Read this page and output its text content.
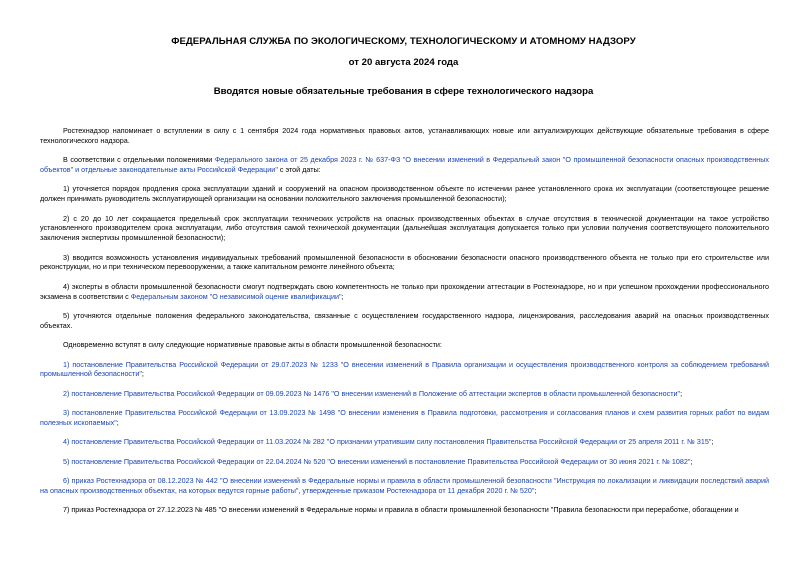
ФЕДЕРАЛЬНАЯ СЛУЖБА ПО ЭКОЛОГИЧЕСКОМУ, ТЕХНОЛОГИЧЕСКОМУ И АТОМНОМУ НАДЗОРУ
от 20 августа 2024 года
Вводятся новые обязательные требования в сфере технологического надзора

Ростехнадзор напоминает о вступлении в силу с 1 сентября 2024 года нормативных правовых актов, устанавливающих новые или актуализирующих действующие обязательные требования в сфере технологического надзора.

В соответствии с отдельными положениями Федерального закона от 25 декабря 2023 г. № 637-ФЗ "О внесении изменений в Федеральный закон "О промышленной безопасности опасных производственных объектов" и отдельные законодательные акты Российской Федерации" с этой даты:

1) уточняется порядок продления срока эксплуатации зданий и сооружений на опасном производственном объекте по истечении ранее установленного срока их эксплуатации (соответствующее решение должен принимать руководитель эксплуатирующей организации на основании положительного заключения промышленной безопасности);

2) с 20 до 10 лет сокращается предельный срок эксплуатации технических устройств на опасных производственных объектах в случае отсутствия в технической документации на такое устройство установленного производителем срока эксплуатации, либо отсутствия самой технической документации (дальнейшая эксплуатация допускается только при условии получения соответствующего положительного заключения экспертизы промышленной безопасности);

3) вводится возможность установления индивидуальных требований промышленной безопасности в обосновании безопасности опасного производственного объекта не только при его строительстве или реконструкции, но и при техническом перевооружении, а также капитальном ремонте линейного объекта;

4) эксперты в области промышленной безопасности смогут подтверждать свою компетентность не только при прохождении аттестации в Ростехнадзоре, но и при успешном прохождении профессионального экзамена в соответствии с Федеральным законом "О независимой оценке квалификации";

5) уточняются отдельные положения федерального законодательства, связанные с осуществлением государственного надзора, лицензирования, расследования аварий на опасных производственных объектах.

Одновременно вступят в силу следующие нормативные правовые акты в области промышленной безопасности:

1) постановление Правительства Российской Федерации от 29.07.2023 № 1233 "О внесении изменений в Правила организации и осуществления производственного контроля за соблюдением требований промышленной безопасности";

2) постановление Правительства Российской Федерации от 09.09.2023 № 1476 "О внесении изменений в Положение об аттестации экспертов в области промышленной безопасности";

3) постановление Правительства Российской Федерации от 13.09.2023 № 1498 "О внесении изменения в Правила подготовки, рассмотрения и согласования планов и схем развития горных работ по видам полезных ископаемых";

4) постановление Правительства Российской Федерации от 11.03.2024 № 282 "О признании утратившим силу постановления Правительства Российской Федерации от 25 апреля 2011 г. № 315";

5) постановление Правительства Российской Федерации от 22.04.2024 № 520 "О внесении изменений в постановление Правительства Российской Федерации от 30 июня 2021 г. № 1082";

6) приказ Ростехнадзора от 08.12.2023 № 442 "О внесении изменений в Федеральные нормы и правила в области промышленной безопасности "Инструкция по локализации и ликвидации последствий аварий на опасных производственных объектах, на которых ведутся горные работы", утвержденные приказом Ростехнадзора от 11 декабря 2020 г. № 520";

7) приказ Ростехнадзора от 27.12.2023 № 485 "О внесении изменений в Федеральные нормы и правила в области промышленной безопасности "Правила безопасности при переработке, обогащении и
